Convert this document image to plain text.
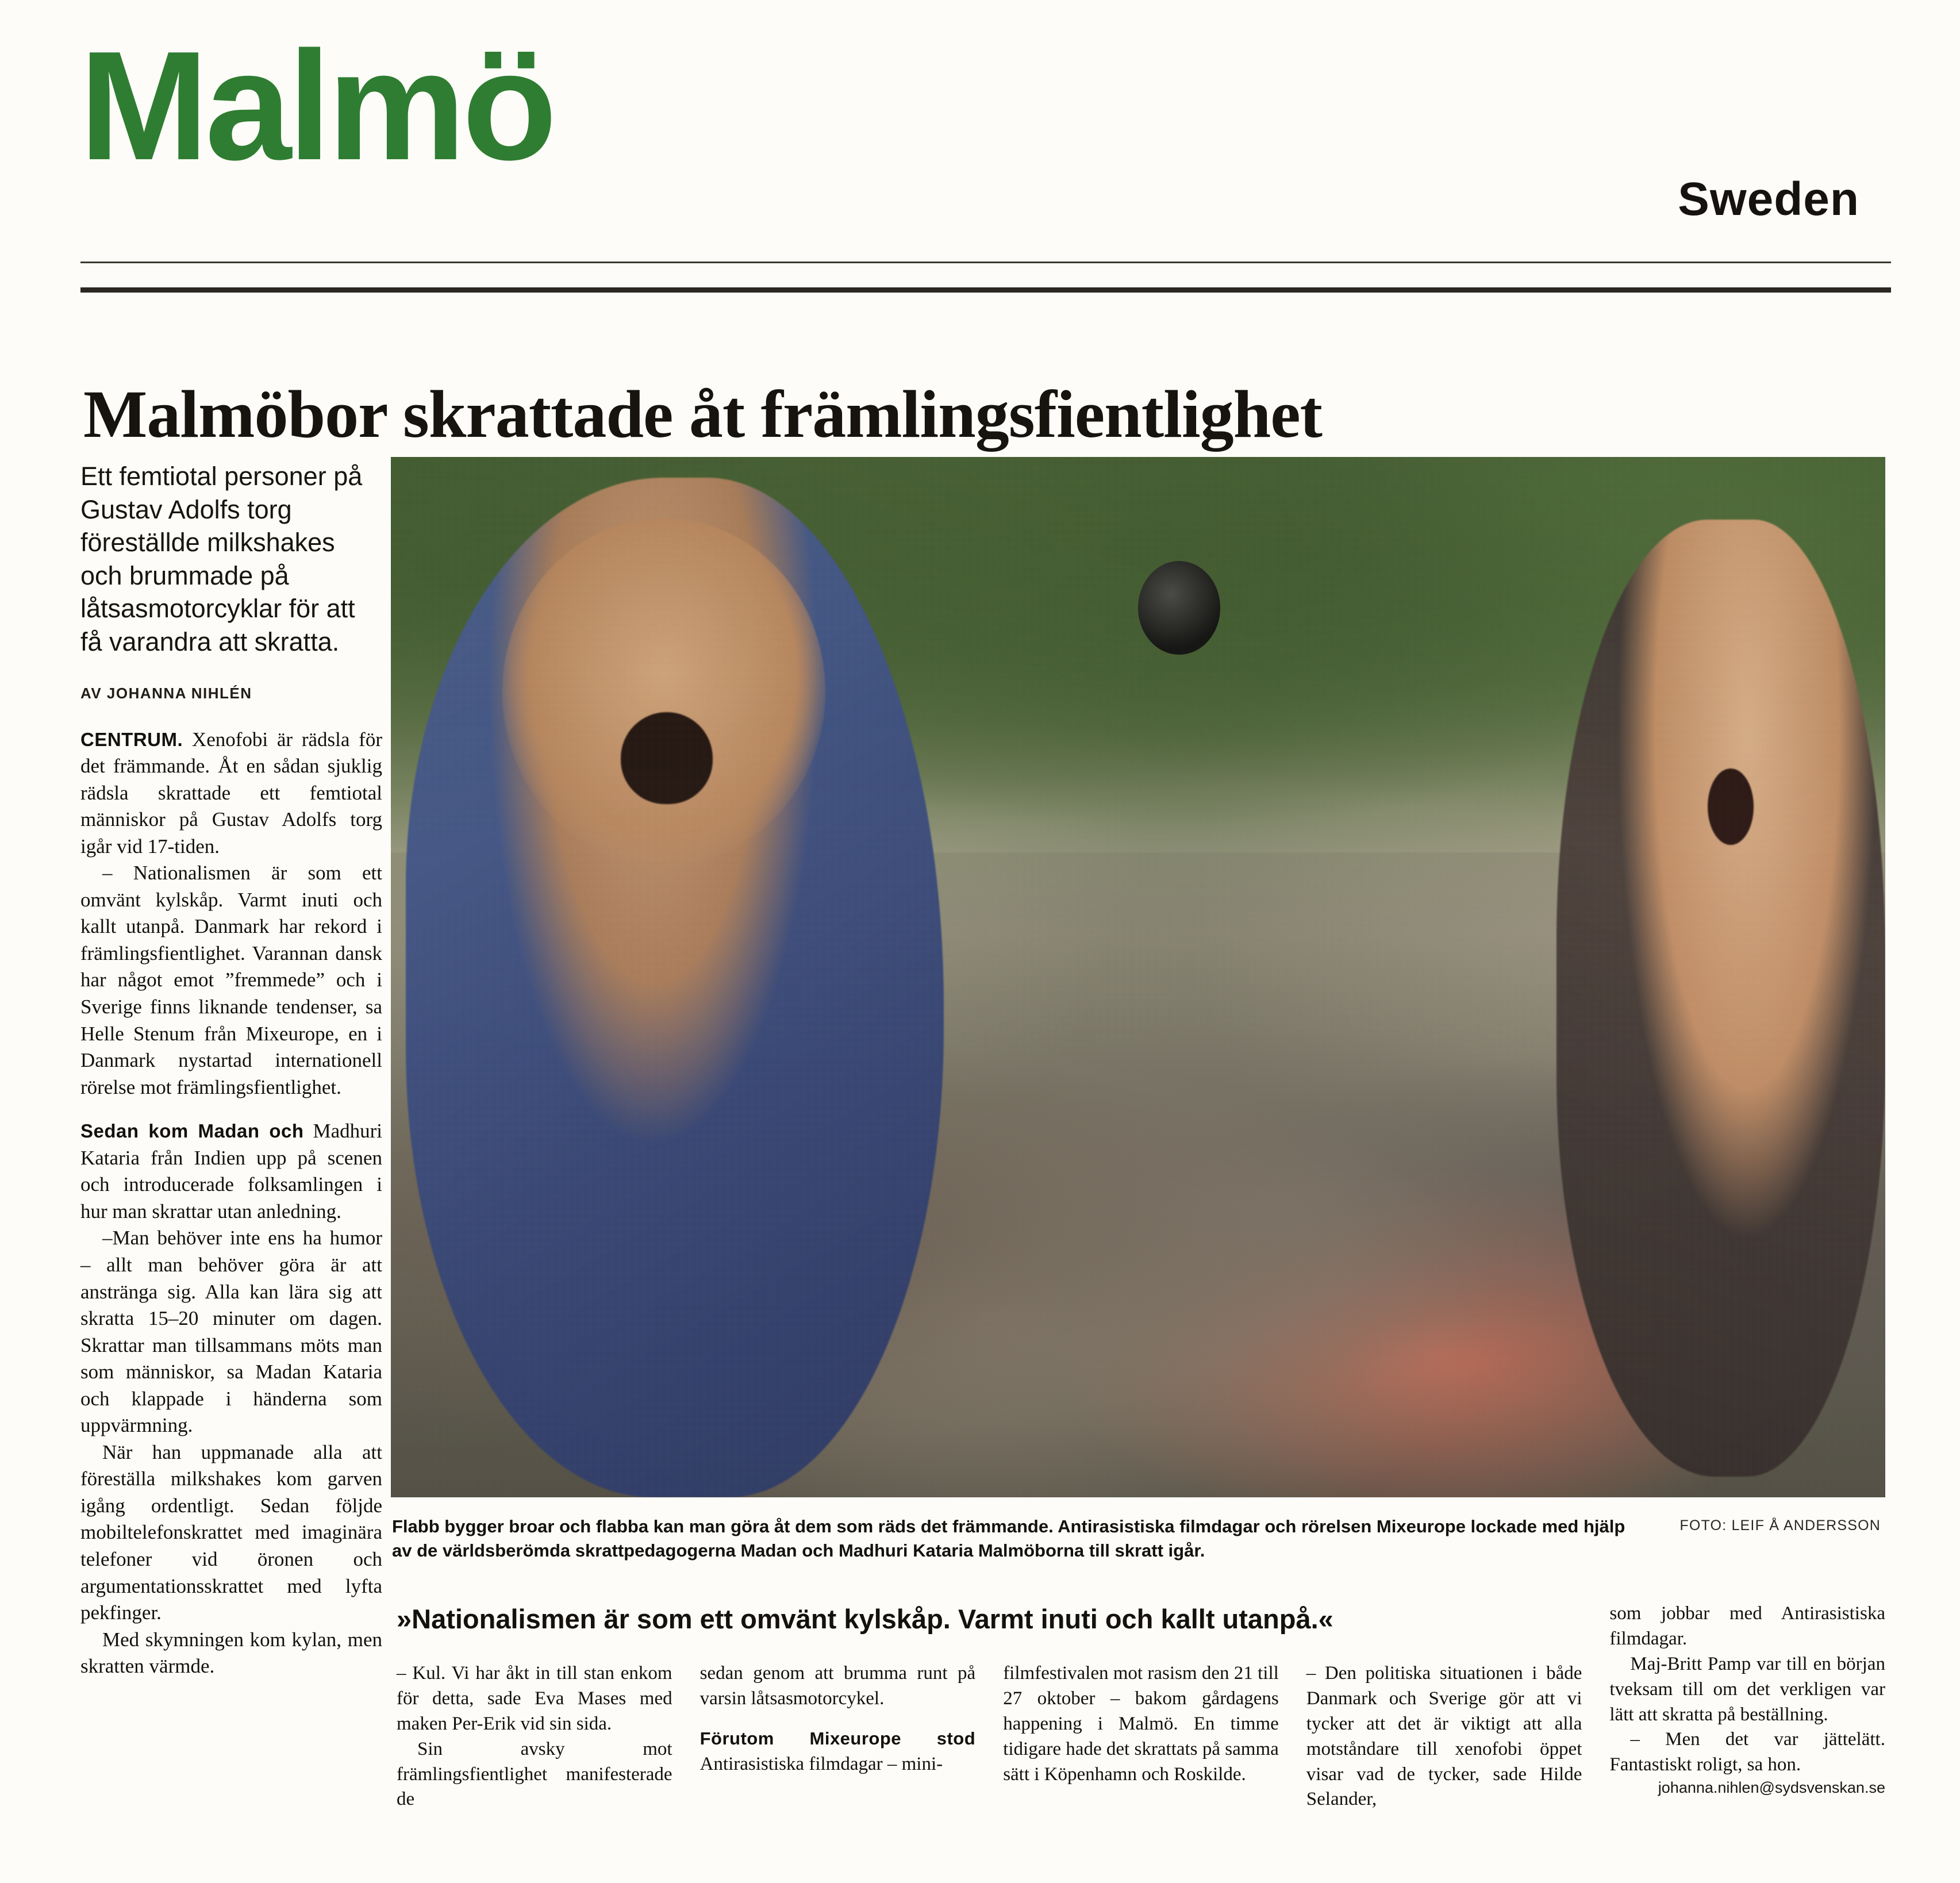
Malmö
Sweden
Malmöbor skrattade åt främlingsfientlighet
Ett femtiotal personer på Gustav Adolfs torg föreställde milkshakes och brummade på låtsasmotorcyklar för att få varandra att skratta.
AV JOHANNA NIHLÉN

CENTRUM. Xenofobi är rädsla för det främmande. Åt en sådan sjuklig rädsla skrattade ett femtiotal människor på Gustav Adolfs torg igår vid 17-tiden.

– Nationalismen är som ett omvänt kylskåp. Varmt inuti och kallt utanpå. Danmark har rekord i främlingsfientlighet. Varannan dansk har något emot ”fremmede” och i Sverige finns liknande tendenser, sa Helle Stenum från Mixeurope, en i Danmark nystartad internationell rörelse mot främlingsfientlighet.

Sedan kom Madan och Madhuri Kataria från Indien upp på scenen och introducerade folksamlingen i hur man skrattar utan anledning.

–Man behöver inte ens ha humor – allt man behöver göra är att anstränga sig. Alla kan lära sig att skratta 15–20 minuter om dagen. Skrattar man tillsammans möts man som människor, sa Madan Kataria och klappade i händerna som uppvärmning.

När han uppmanade alla att föreställa milkshakes kom garven igång ordentligt. Sedan följde mobiltelefonskrattet med imaginära telefoner vid öronen och argumentationsskrattet med lyfta pekfinger.

Med skymningen kom kylan, men skratten värmde.

Flabb bygger broar och flabba kan man göra åt dem som räds det främmande. Antirasistiska filmdagar och rörelsen Mixeurope lockade med hjälp av de världsberömda skrattpedagogerna Madan och Madhuri Kataria Malmöborna till skratt igår.
FOTO: LEIF Å ANDERSSON
»Nationalismen är som ett omvänt kylskåp. Varmt inuti och kallt utanpå.«

– Kul. Vi har åkt in till stan enkom för detta, sade Eva Mases med maken Per-Erik vid sin sida.

Sin avsky mot främlingsfientlighet manifesterade de

sedan genom att brumma runt på varsin låtsasmotorcykel.

Förutom Mixeurope stod Antirasistiska filmdagar – mini-

filmfestivalen mot rasism den 21 till 27 oktober – bakom gårdagens happening i Malmö. En timme tidigare hade det skrattats på samma sätt i Köpenhamn och Roskilde.

– Den politiska situationen i både Danmark och Sverige gör att vi tycker att det är viktigt att alla motståndare till xenofobi öppet visar vad de tycker, sade Hilde Selander,

som jobbar med Antirasistiska filmdagar.

Maj-Britt Pamp var till en början tveksam till om det verkligen var lätt att skratta på beställning.

– Men det var jättelätt. Fantastiskt roligt, sa hon.

johanna.nihlen@sydsvenskan.se
